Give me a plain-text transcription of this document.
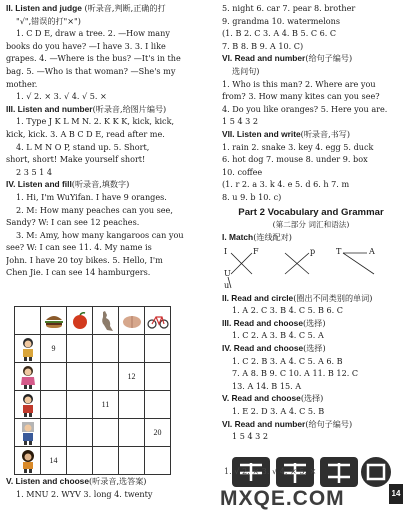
II. Listen and judge (听录音,判断,正确的打
"√",错误的打"×")
1. C D E, draw a tree. 2. —How many
books do you have? —I have 3. 3. I like
grapes. 4. —Where is the bus? —It's in the
bag. 5. —Who is that woman? —She's my
mother.
1. √ 2. × 3. √ 4. √ 5. ×
III. Listen and number(听录音,给图片编号)
1. Type J K L M N. 2. K K K, kick, kick,
kick, kick. 3. A B C D E, read after me.
4. L M N O P, stand up. 5. Short,
short, short! Make yourself short!
2 3 5 1 4
IV. Listen and fill(听录音,填数字)
1. Hi, I'm WuYifan. I have 9 oranges.
2. M: How many peaches can you see,
Sandy? W: I can see 12 peaches.
3. M: Amy, how many kangaroos can you
see? W: I can see 11. 4. My name is
John. I have 20 toy bikes. 5. Hello, I'm
Chen Jie. I can see 14 hamburgers.

	9				

				12	

			11		

					20

	14				
V. Listen and choose(听录音,选答案)
1. MNU 2. WYV 3. long 4. twenty
5. night 6. car 7. pear 8. brother
9. grandma 10. watermelons
(1. B 2. C 3. A 4. B 5. C 6. C
7. B 8. B 9. A 10. C)
VI. Read and number(给句子编号)
选问句)
1. Who is this man? 2. Where are you
from? 3. How many kites can you see?
4. Do you like oranges? 5. Here you are.
1 5 4 3 2
VII. Listen and write(听录音,书写)
1. rain 2. snake 3. key 4. egg 5. duck
6. hot dog 7. mouse 8. under 9. box
10. coffee
(1. r 2. a 3. k 4. e 5. d 6. h 7. m
8. u 9. b 10. c)
Part 2 Vocabulary and Grammar
(第二部分 词汇和语法)
I. Match(连线配对)
I	F	p	T	A
U
u
II. Read and circle(圈出不同类别的单词)
1. A 2. C 3. B 4. C 5. B 6. C
III. Read and choose(选择)
1. C 2. A 3. B 4. C 5. A
IV. Read and choose(选择)
1. C 2. B 3. A 4. C 5. A 6. B
7. A 8. B 9. C 10. A 11. B 12. C
13. A 14. B 15. A
V. Read and choose(选择)
1. E 2. D 3. A 4. C 5. B
VI. Read and number(给句子编号)
1 5 4 3 2
1. √ 2. × 3. √ 4. × 5. ×
MXQE.COM	14
